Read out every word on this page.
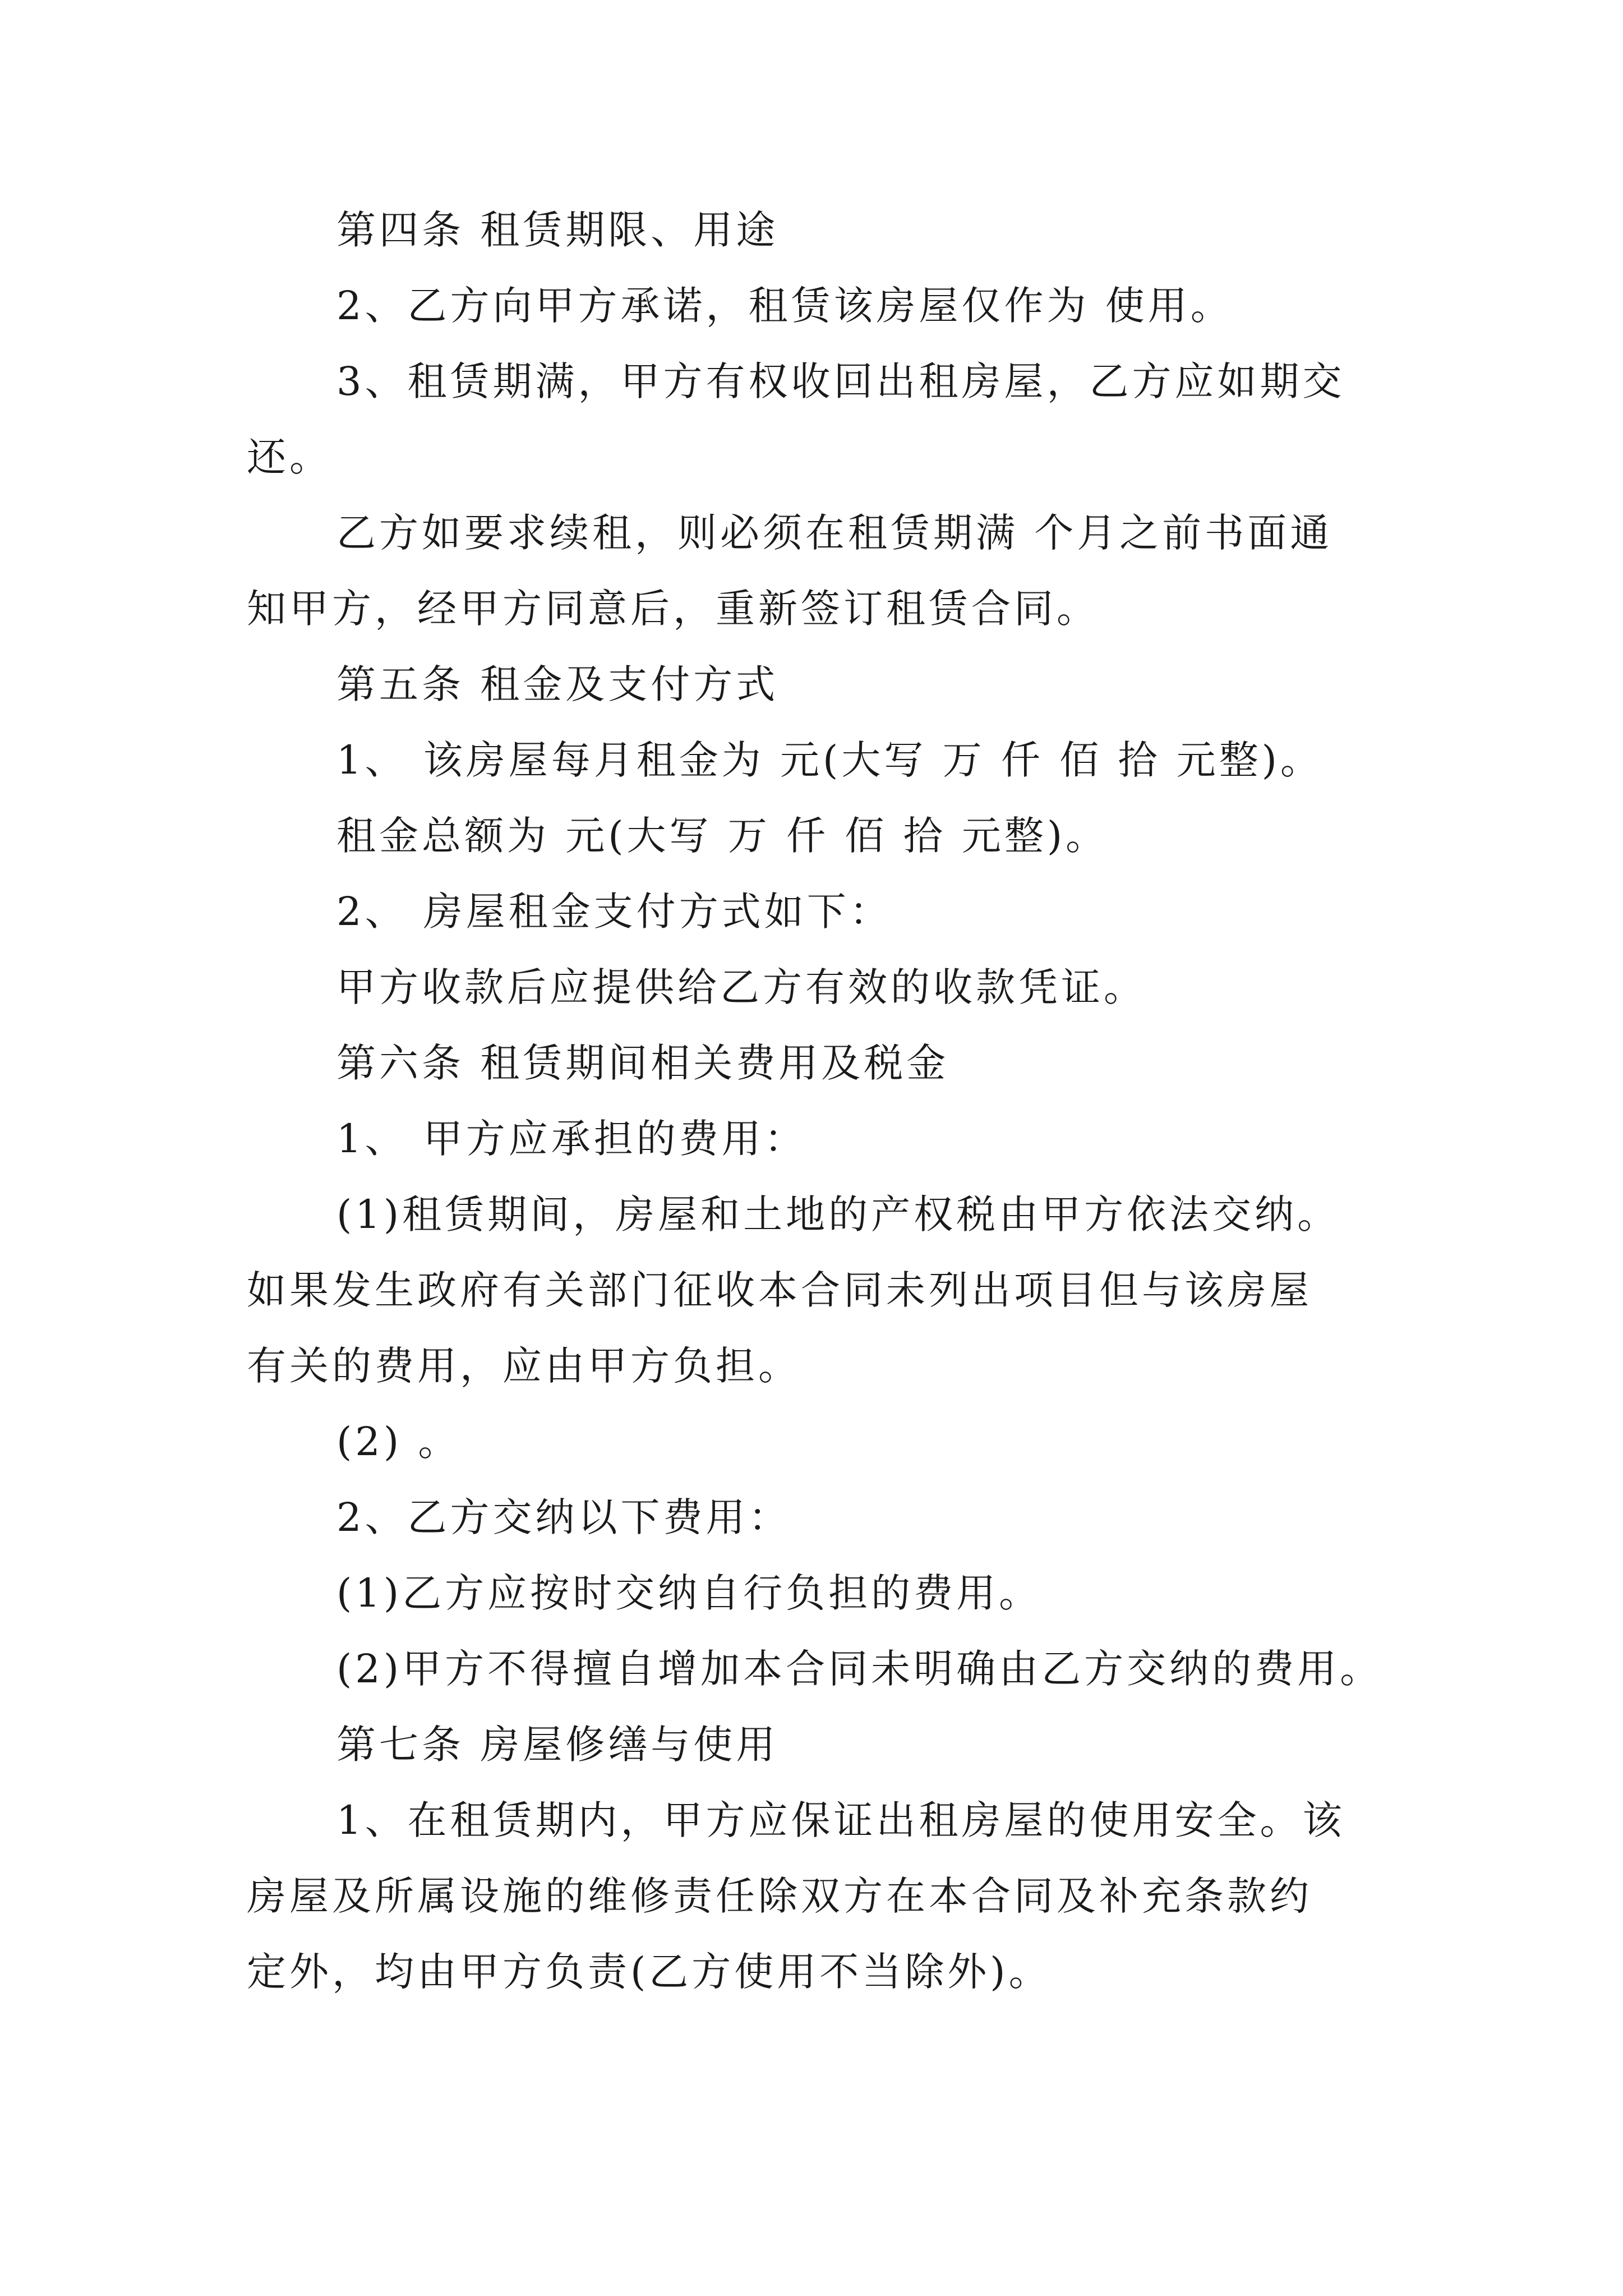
第四条 租赁期限、用途
2、乙方向甲方承诺，租赁该房屋仅作为 使用。
3、租赁期满，甲方有权收回出租房屋，乙方应如期交
还。
乙方如要求续租，则必须在租赁期满 个月之前书面通
知甲方，经甲方同意后，重新签订租赁合同。
第五条 租金及支付方式
1、 该房屋每月租金为 元(大写 万 仟 佰 拾 元整)。
租金总额为 元(大写 万 仟 佰 拾 元整)。
2、 房屋租金支付方式如下：
甲方收款后应提供给乙方有效的收款凭证。
第六条 租赁期间相关费用及税金
1、 甲方应承担的费用：
(1)租赁期间，房屋和土地的产权税由甲方依法交纳。
如果发生政府有关部门征收本合同未列出项目但与该房屋
有关的费用，应由甲方负担。
(2) 。
2、乙方交纳以下费用：
(1)乙方应按时交纳自行负担的费用。
(2)甲方不得擅自增加本合同未明确由乙方交纳的费用。
第七条 房屋修缮与使用
1、在租赁期内，甲方应保证出租房屋的使用安全。该
房屋及所属设施的维修责任除双方在本合同及补充条款约
定外，均由甲方负责(乙方使用不当除外)。
